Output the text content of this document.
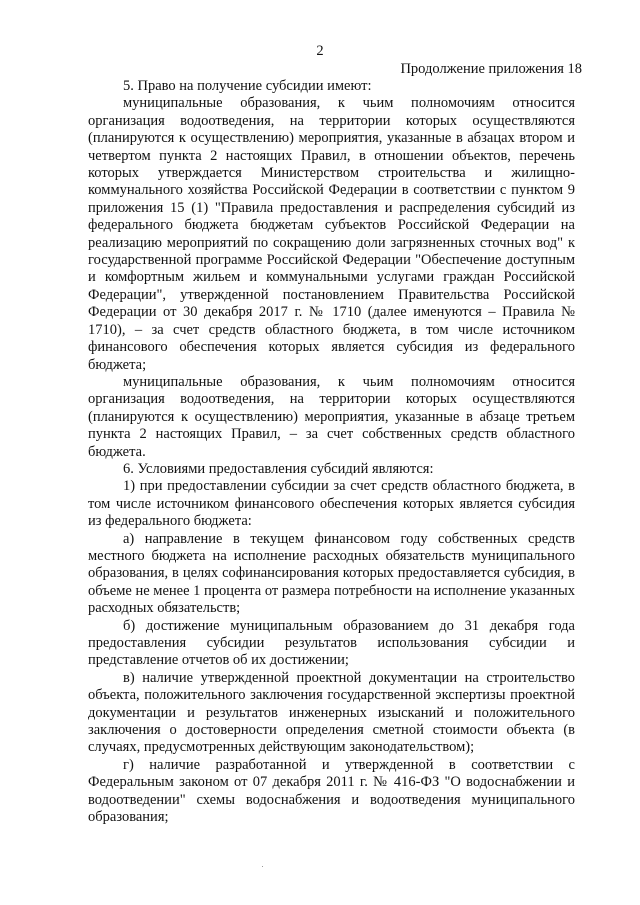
2
Продолжение приложения 18

5. Право на получение субсидии имеют:

муниципальные образования, к чьим полномочиям относится организация водоотведения, на территории которых осуществляются (планируются к осуществлению) мероприятия, указанные в абзацах втором и четвертом пункта 2 настоящих Правил, в отношении объектов, перечень которых утверждается Министерством строительства и жилищно-коммунального хозяйства Российской Федерации в соответствии с пунктом 9 приложения 15 (1) "Правила предоставления и распределения субсидий из федерального бюджета бюджетам субъектов Российской Федерации на реализацию мероприятий по сокращению доли загрязненных сточных вод" к государственной программе Российской Федерации "Обеспечение доступным и комфортным жильем и коммунальными услугами граждан Российской Федерации", утвержденной постановлением Правительства Российской Федерации от 30 декабря 2017 г. № 1710 (далее именуются – Правила № 1710), – за счет средств областного бюджета, в том числе источником финансового обеспечения которых является субсидия из федерального бюджета;

муниципальные образования, к чьим полномочиям относится организация водоотведения, на территории которых осуществляются (планируются к осуществлению) мероприятия, указанные в абзаце третьем пункта 2 настоящих Правил, – за счет собственных средств областного бюджета.

6. Условиями предоставления субсидий являются:

1) при предоставлении субсидии за счет средств областного бюджета, в том числе источником финансового обеспечения которых является субсидия из федерального бюджета:

а) направление в текущем финансовом году собственных средств местного бюджета на исполнение расходных обязательств муниципального образования, в целях софинансирования которых предоставляется субсидия, в объеме не менее 1 процента от размера потребности на исполнение указанных расходных обязательств;

б) достижение муниципальным образованием до 31 декабря года предоставления субсидии результатов использования субсидии и представление отчетов об их достижении;

в) наличие утвержденной проектной документации на строительство объекта, положительного заключения государственной экспертизы проектной документации и результатов инженерных изысканий и положительного заключения о достоверности определения сметной стоимости объекта (в случаях, предусмотренных действующим законодательством);

г) наличие разработанной и утвержденной в соответствии с Федеральным законом от 07 декабря 2011 г. № 416-ФЗ "О водоснабжении и водоотведении" схемы водоснабжения и водоотведения муниципального образования;
